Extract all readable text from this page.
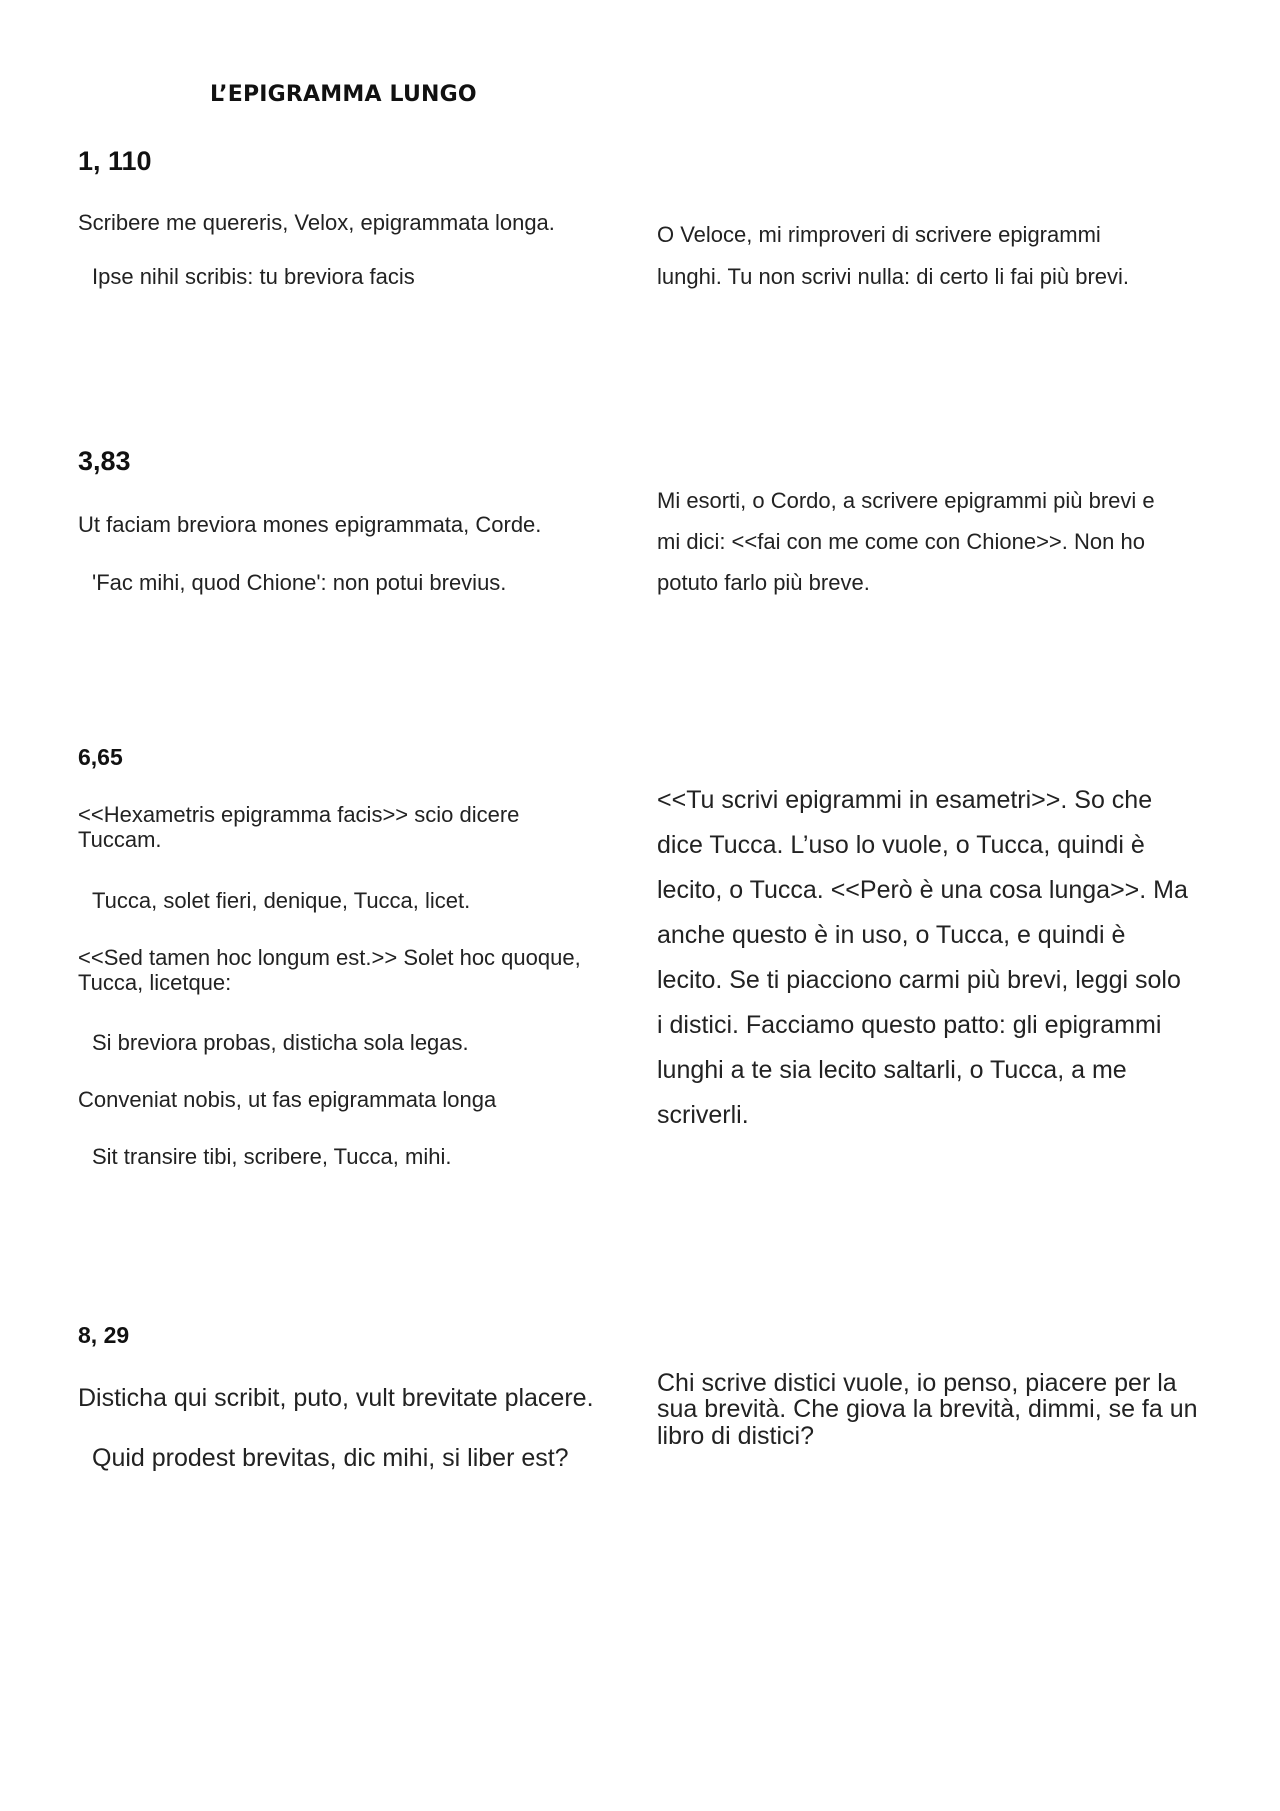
L’EPIGRAMMA LUNGO
1, 110

Scribere me quereris, Velox, epigrammata longa.

Ipse nihil scribis: tu breviora facis

O Veloce, mi rimproveri di scrivere epigrammi

lunghi. Tu non scrivi nulla: di certo li fai più brevi.

3,83

Ut faciam breviora mones epigrammata, Corde.

'Fac mihi, quod Chione': non potui brevius.

Mi esorti, o Cordo, a scrivere epigrammi più brevi e

mi dici: <<fai con me come con Chione>>. Non ho

potuto farlo più breve.

6,65

<<Hexametris epigramma facis>> scio dicere Tuccam.

Tucca, solet fieri, denique, Tucca, licet.

<<Sed tamen hoc longum est.>> Solet hoc quoque, Tucca, licetque:

Si breviora probas, disticha sola legas.

Conveniat nobis, ut fas epigrammata longa

Sit transire tibi, scribere, Tucca, mihi.

<<Tu scrivi epigrammi in esametri>>. So che

dice Tucca. L’uso lo vuole, o Tucca, quindi è

lecito, o Tucca. <<Però è una cosa lunga>>. Ma

anche questo è in uso, o Tucca, e quindi è

lecito. Se ti piacciono carmi più brevi, leggi solo

i distici. Facciamo questo patto: gli epigrammi

lunghi a te sia lecito saltarli, o Tucca, a me

scriverli.

8, 29

Disticha qui scribit, puto, vult brevitate placere.

Quid prodest brevitas, dic mihi, si liber est?

Chi scrive distici vuole, io penso, piacere per la sua brevità. Che giova la brevità, dimmi, se fa un libro di distici?
